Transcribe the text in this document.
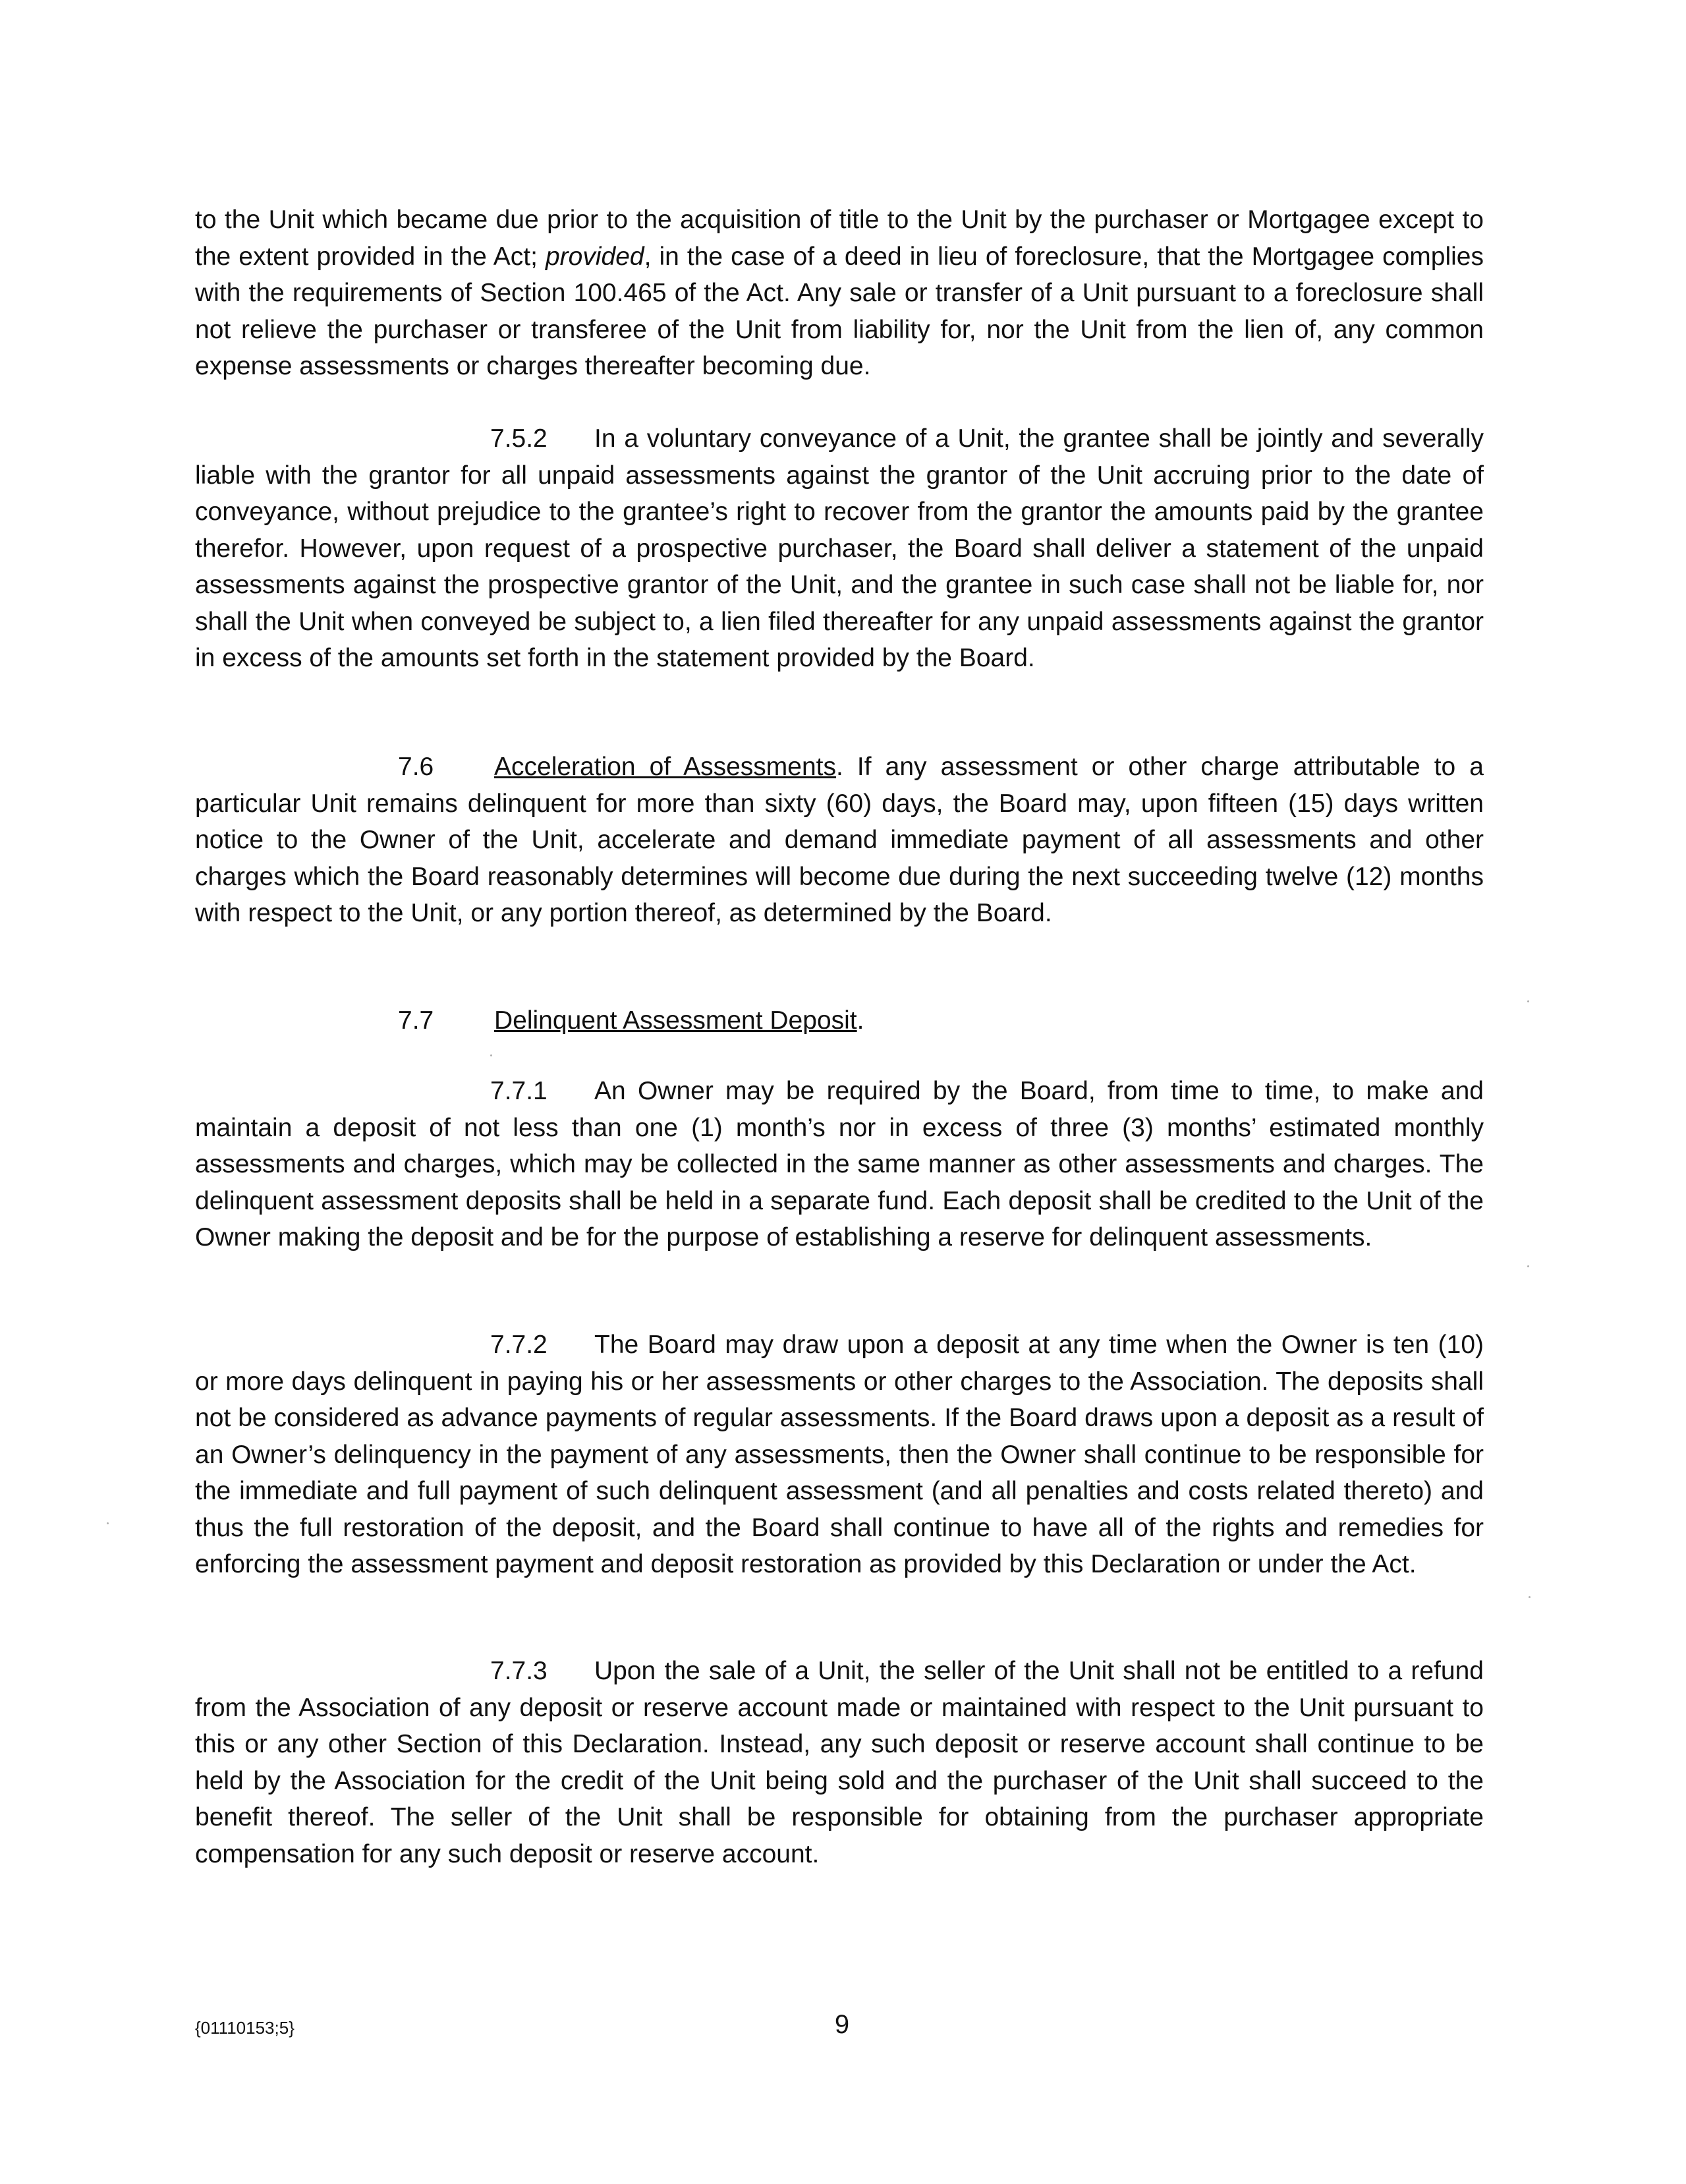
to the Unit which became due prior to the acquisition of title to the Unit by the purchaser or Mortgagee except to the extent provided in the Act; provided, in the case of a deed in lieu of foreclosure, that the Mortgagee complies with the requirements of Section 100.465 of the Act. Any sale or transfer of a Unit pursuant to a foreclosure shall not relieve the purchaser or transferee of the Unit from liability for, nor the Unit from the lien of, any common expense assessments or charges thereafter becoming due.

7.5.2 In a voluntary conveyance of a Unit, the grantee shall be jointly and severally liable with the grantor for all unpaid assessments against the grantor of the Unit accruing prior to the date of conveyance, without prejudice to the grantee’s right to recover from the grantor the amounts paid by the grantee therefor. However, upon request of a prospective purchaser, the Board shall deliver a statement of the unpaid assessments against the prospective grantor of the Unit, and the grantee in such case shall not be liable for, nor shall the Unit when conveyed be subject to, a lien filed thereafter for any unpaid assessments against the grantor in excess of the amounts set forth in the statement provided by the Board.

7.6 Acceleration of Assessments. If any assessment or other charge attributable to a particular Unit remains delinquent for more than sixty (60) days, the Board may, upon fifteen (15) days written notice to the Owner of the Unit, accelerate and demand immediate payment of all assessments and other charges which the Board reasonably determines will become due during the next succeeding twelve (12) months with respect to the Unit, or any portion thereof, as determined by the Board.

7.7 Delinquent Assessment Deposit.

7.7.1 An Owner may be required by the Board, from time to time, to make and maintain a deposit of not less than one (1) month’s nor in excess of three (3) months’ estimated monthly assessments and charges, which may be collected in the same manner as other assessments and charges. The delinquent assessment deposits shall be held in a separate fund. Each deposit shall be credited to the Unit of the Owner making the deposit and be for the purpose of establishing a reserve for delinquent assessments.

7.7.2 The Board may draw upon a deposit at any time when the Owner is ten (10) or more days delinquent in paying his or her assessments or other charges to the Association. The deposits shall not be considered as advance payments of regular assessments. If the Board draws upon a deposit as a result of an Owner’s delinquency in the payment of any assessments, then the Owner shall continue to be responsible for the immediate and full payment of such delinquent assessment (and all penalties and costs related thereto) and thus the full restoration of the deposit, and the Board shall continue to have all of the rights and remedies for enforcing the assessment payment and deposit restoration as provided by this Declaration or under the Act.

7.7.3 Upon the sale of a Unit, the seller of the Unit shall not be entitled to a refund from the Association of any deposit or reserve account made or maintained with respect to the Unit pursuant to this or any other Section of this Declaration. Instead, any such deposit or reserve account shall continue to be held by the Association for the credit of the Unit being sold and the purchaser of the Unit shall succeed to the benefit thereof. The seller of the Unit shall be responsible for obtaining from the purchaser appropriate compensation for any such deposit or reserve account.

{01110153;5}	9
